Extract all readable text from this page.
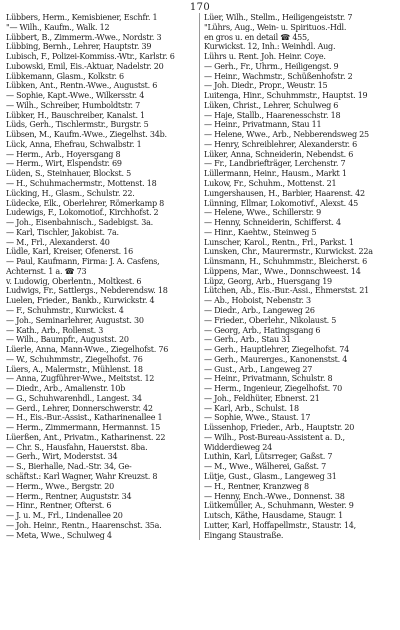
170
Lübbers, Herm., Kemisbiener, Eschfr. 1
"— Wilh., Kaufm., Walk. 12
Lübbert, B., Zimmerm.-Wwe., Nordstr. 3
Lübbing, Bernh., Lehrer, Hauptstr. 39
Lubisch, F., Polizei-Kommiss.-Wtr., Karlstr. 6
Lubowski, Emil, Eis.-Aktuar, Nadelstr. 20
Lübkemann, Glasm., Kolkstr. 6
Lübken, Ant., Rentn.-Wwe., Augustst. 6
— Sophie, Kapt.-Wwe., Wilkersstr. 4
— Wilh., Schreiber, Humboldtstr. 7
Lübker, H., Bauschreiber, Kanalst. 1
Lüds, Gerh., Tischlermstr., Burgstr. 5
Lübsen, M., Kaufm.-Wwe., Ziegelhst. 34b.
Lück, Anna, Ehefrau, Schwalbstr. 1
— Herm., Arb., Hoyersgang 8
— Herm., Wirt, Elspendstr. 69
Lüden, S., Steinhauer, Blockst. 5
— H., Schuhmachermstr., Mottenst. 18
Lücking, H., Glasm., Schulstr. 22.
Lüdecke, Elk., Oberlehrer, Römerkamp 8
Ludewigs, F., Lokomotiof., Kirchhofst. 2
— Joh., Eisenbahnisch., Sadebigst. 3a.
— Karl, Tischler, Jakobist. 7a.
— M., Frl., Alexanderst. 40
Lüdle, Karl, Kreiser, Ofenerst. 16
— Paul, Kaufmann, Firma: J. A. Casfens,
Achternst. 1 a. ☎ 73
v. Ludowig, Oberlentn., Moltkest. 6
Ludwigs, Fr., Sattlergs., Nebderendsw. 18
Luelen, Frieder., Bankb., Kurwickstr. 4
— F., Schuhmstr., Kurwickst. 4
— Joh., Seminarlehrer, Augustst. 30
— Kath., Arb., Rollenst. 3
— Wilh., Baumpfr., Augustst. 20
Lüerle, Anna, Mann-Wwe., Ziegelhofst. 76
— W., Schuhmmstr., Ziegelhofst. 76
Lüers, A., Malermstr., Mühlenst. 18
— Anna, Zugführer-Wwe., Meitstst. 12
— Diedr., Arb., Amalienstr. 10b
— G., Schuhwarenhdl., Langest. 34
— Gerd., Lehrer, Donnerschwerstr. 42
— H., Eis.-Bur.-Assist., Katharinenallee 1
— Herm., Zimmermann, Hermannst. 15
Lüerßen, Ant., Privatm., Katharinenst. 22
— Chr. S., Hausfahn, Hauerstst. 8ba.
— Gerh., Wirt, Moderstst. 34
— S., Bierhalle, Nad.-Str. 34, Ge-
schäftst.: Karl Wagner, Wahr Kreuzst. 8
— Herm., Wwe., Bergstr. 20
— Herm., Rentner, Auguststr. 34
— Hinr., Rentner, Ofterst. 6
— J. u. M., Frl., Lindenallee 20
— Joh. Heinr., Rentn., Haarenschst. 35a.
— Meta, Wwe., Schulweg 4
Lüer, Wilh., Stellm., Heiligengeiststr. 7
"Lührs, Aug., Wein- u. Spirituos.-Hdl.
en gros u. en detail ☎ 455,
Kurwickst. 12, Inh.: Weinhdl. Aug.
Lührs u. Rent. Joh. Heinr. Coye.
— Gerh., Fr., Uhrm., Heiligengst. 9
— Heinr., Wachmstr., Schüßenhofstr. 2
— Joh. Diedr., Propr., Weustr. 15
Luitenga, Hinr., Schuhmmstr., Hauptst. 19
Lüken, Christ., Lehrer, Schulweg 6
— Haje, Stallb., Haarenesschstr. 18
— Heinr., Privatmann, Stau 11
— Helene, Wwe., Arb., Nebberendsweg 25
— Henry, Schreiblehrer, Alexanderstr. 6
Lüker, Anna, Schneiderin, Nebendst. 6
— Fr., Landbriefträger, Lerchenstr. 7
Lüllermann, Heinr., Hausm., Markt 1
Lukow, Fr., Schuhm., Mottenst. 21
Lungershausen, H., Barbier, Haarenst. 42
Lünning, Ellmar, Lokomotivf., Alexst. 45
— Helene, Wwe., Schillerstr. 9
— Henny, Schneiderin, Schifferst. 4
— Hinr., Kaehtw., Steinweg 5
Lunscher, Karol., Rentn., Frl., Parkst. 1
Lunsken, Chr., Maurermstr., Kurwickst. 22a
Lünsmann, H., Schuhmmstr., Bleicherst. 6
Lüppens, Mar., Wwe., Donnschweest. 14
Lüpz, Georg, Arb., Huersgang 19
Lütchen, Ab., Eis.-Bur.-Assi., Ehmerstst. 21
— Ab., Hoboist, Nebenstr. 3
— Diedr., Arb., Langeweg 26
— Frieder., Oberlehr., Nikolaust. 5
— Georg, Arb., Hatingsgang 6
— Gerh., Arb., Stau 31
— Gerh., Hauptlehrer, Ziegelhofst. 74
— Gerh., Maurerges., Kanonenstst. 4
— Gust., Arb., Langeweg 27
— Heinr., Privatmann, Schulstr. 8
— Herm., Ingenieur, Ziegelhofst. 70
— Joh., Feldhüter, Ebnerst. 21
— Karl, Arb., Schulst. 18
— Sophie, Wwe., Staust. 17
Lüssenhop, Frieder., Arb., Hauptstr. 20
— Wilh., Post-Bureau-Assistent a. D.,
Widderdieweg 24
Luthin, Karl, Lütsrreger, Gaßst. 7
— M., Wwe., Wälherei, Gaßst. 7
Lütje, Gust., Glasm., Langeweg 31
— H., Rentner, Kranzweg 8
— Henny, Ench.-Wwe., Donnenst. 38
Lütkemüller, A., Schuhmann, Wester. 9
Lutsch, Käthe, Hausdame, Staugr. 1
Lutter, Karl, Hoffapellmstr., Staustr. 14,
Eingang Staustraße.
